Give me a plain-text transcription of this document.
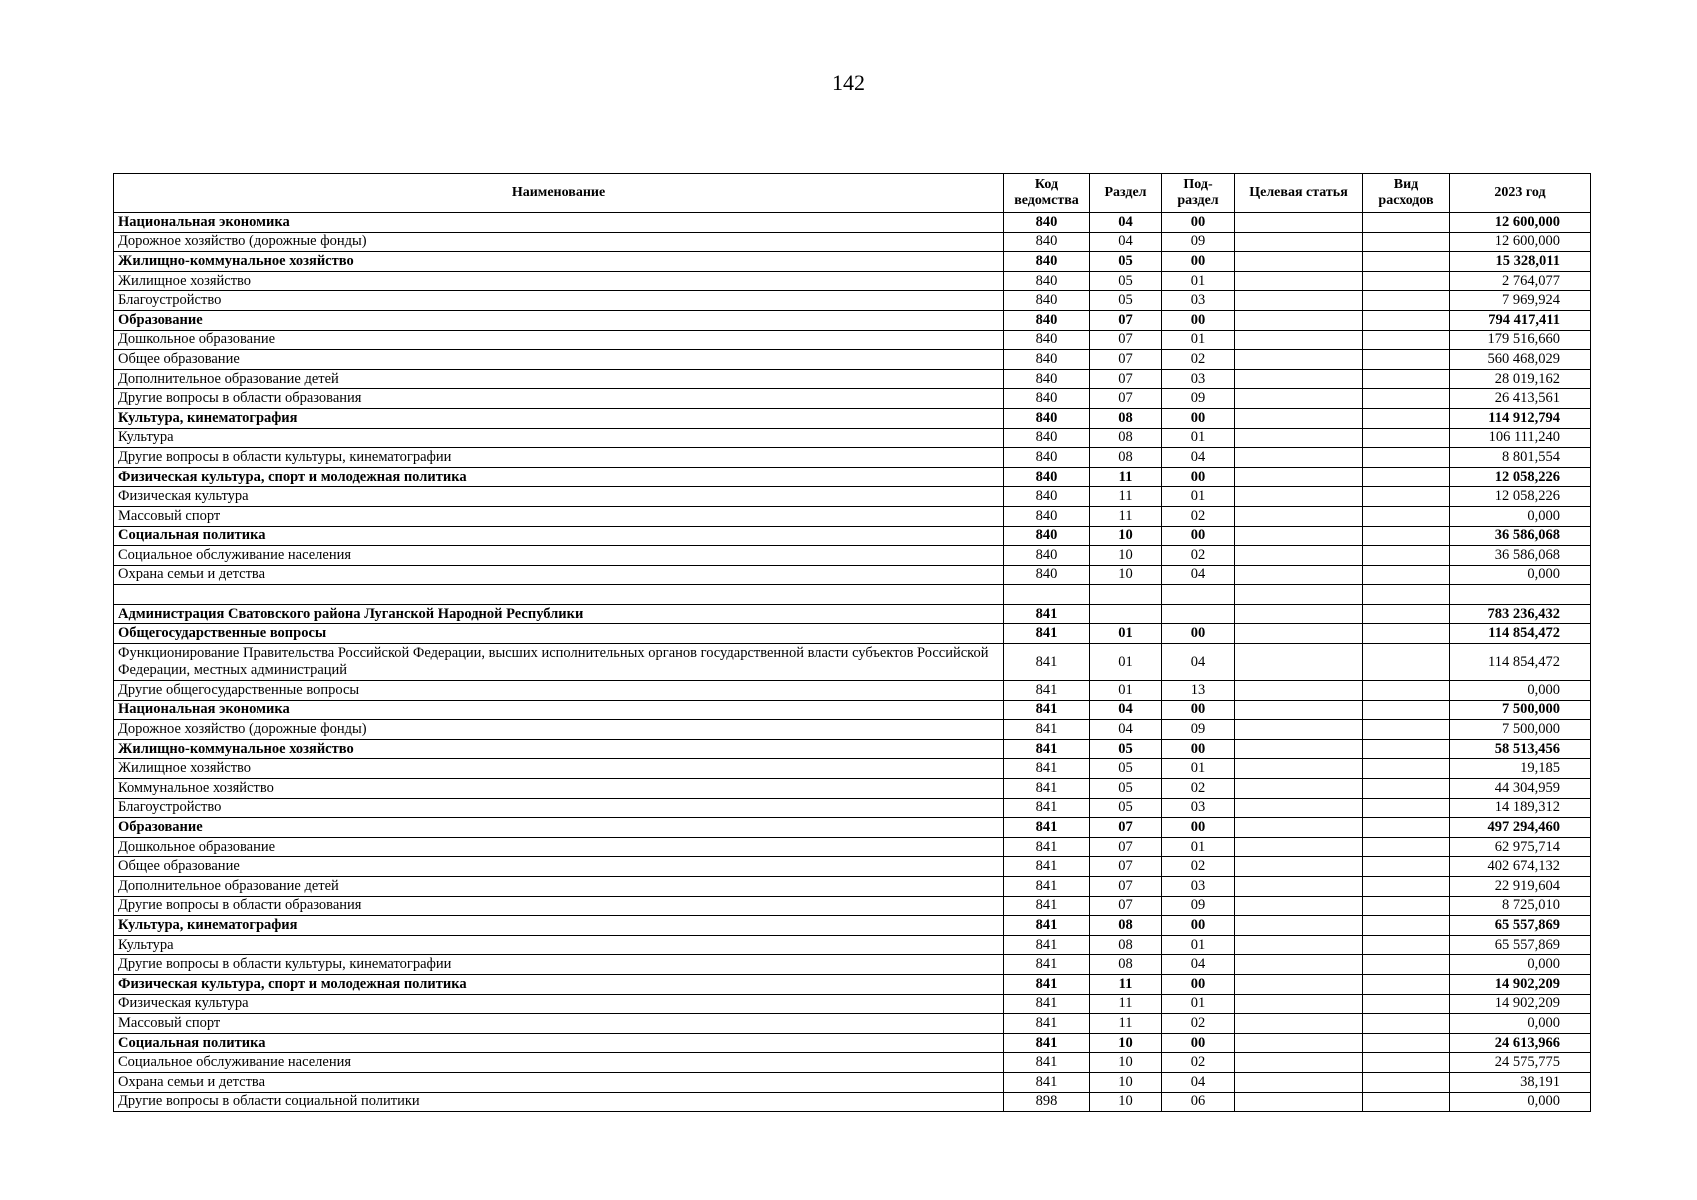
142
Наименование	Код ведомства	Раздел	Под-раздел	Целевая статья	Вид расходов	2023 год
Национальная экономика	840	04	00			12 600,000
Дорожное хозяйство (дорожные фонды)	840	04	09			12 600,000
Жилищно-коммунальное хозяйство	840	05	00			15 328,011
Жилищное хозяйство	840	05	01			2 764,077
Благоустройство	840	05	03			7 969,924
Образование	840	07	00			794 417,411
Дошкольное образование	840	07	01			179 516,660
Общее образование	840	07	02			560 468,029
Дополнительное образование детей	840	07	03			28 019,162
Другие вопросы в области образования	840	07	09			26 413,561
Культура, кинематография	840	08	00			114 912,794
Культура	840	08	01			106 111,240
Другие вопросы в области культуры, кинематографии	840	08	04			8 801,554
Физическая культура, спорт и молодежная политика	840	11	00			12 058,226
Физическая культура	840	11	01			12 058,226
Массовый спорт	840	11	02			0,000
Социальная политика	840	10	00			36 586,068
Социальное обслуживание населения	840	10	02			36 586,068
Охрана семьи и детства	840	10	04			0,000

Администрация Сватовского района Луганской Народной Республики	841					783 236,432
Общегосударственные вопросы	841	01	00			114 854,472
Функционирование Правительства Российской Федерации, высших исполнительных органов государственной власти субъектов Российской Федерации, местных администраций	841	01	04			114 854,472
Другие общегосударственные вопросы	841	01	13			0,000
Национальная экономика	841	04	00			7 500,000
Дорожное хозяйство (дорожные фонды)	841	04	09			7 500,000
Жилищно-коммунальное хозяйство	841	05	00			58 513,456
Жилищное хозяйство	841	05	01			19,185
Коммунальное хозяйство	841	05	02			44 304,959
Благоустройство	841	05	03			14 189,312
Образование	841	07	00			497 294,460
Дошкольное образование	841	07	01			62 975,714
Общее образование	841	07	02			402 674,132
Дополнительное образование детей	841	07	03			22 919,604
Другие вопросы в области образования	841	07	09			8 725,010
Культура, кинематография	841	08	00			65 557,869
Культура	841	08	01			65 557,869
Другие вопросы в области культуры, кинематографии	841	08	04			0,000
Физическая культура, спорт и молодежная политика	841	11	00			14 902,209
Физическая культура	841	11	01			14 902,209
Массовый спорт	841	11	02			0,000
Социальная политика	841	10	00			24 613,966
Социальное обслуживание населения	841	10	02			24 575,775
Охрана семьи и детства	841	10	04			38,191
Другие вопросы в области социальной политики	898	10	06			0,000
